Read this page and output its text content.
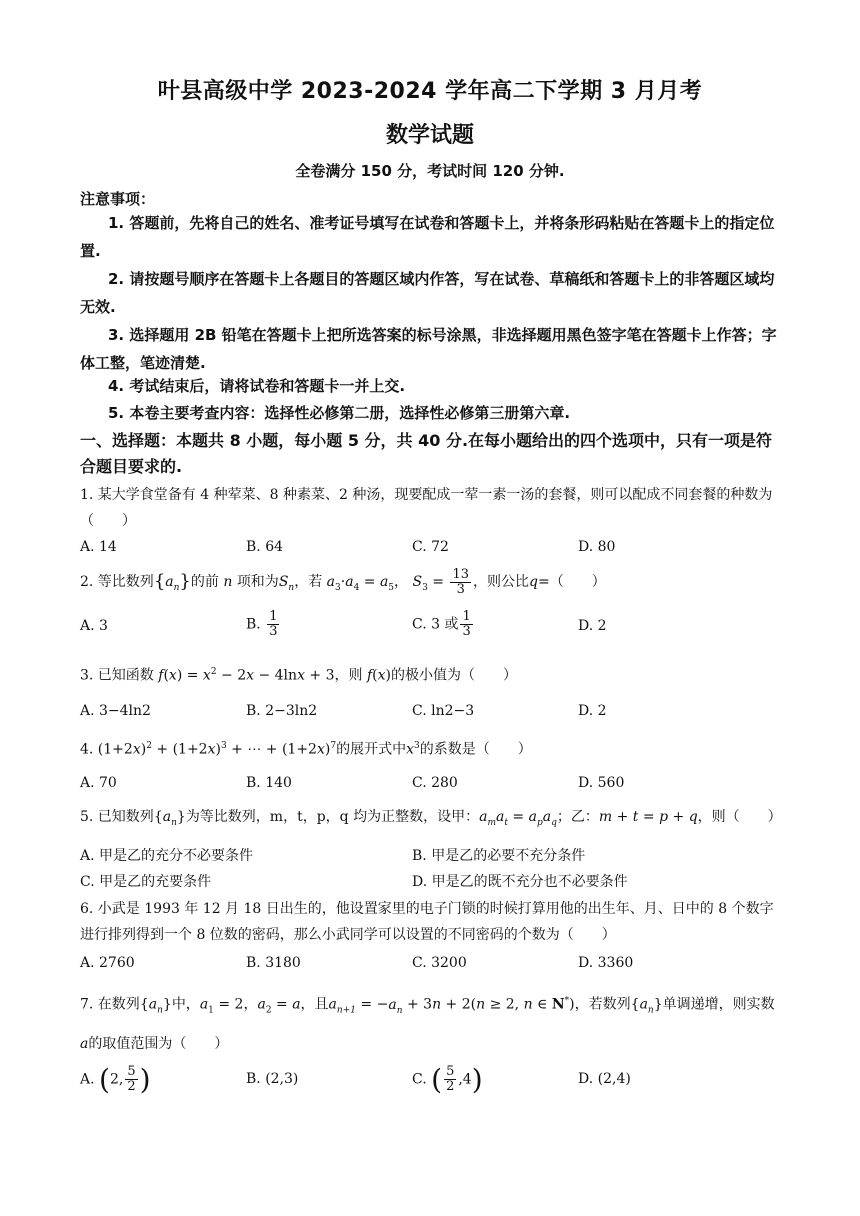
叶县高级中学 2023-2024 学年高二下学期 3 月月考
数学试题
全卷满分 150 分，考试时间 120 分钟.
注意事项：
1. 答题前，先将自己的姓名、准考证号填写在试卷和答题卡上，并将条形码粘贴在答题卡上的指定位置.
2. 请按题号顺序在答题卡上各题目的答题区域内作答，写在试卷、草稿纸和答题卡上的非答题区域均无效.
3. 选择题用 2B 铅笔在答题卡上把所选答案的标号涂黑，非选择题用黑色签字笔在答题卡上作答；字体工整，笔迹清楚.
4. 考试结束后，请将试卷和答题卡一并上交.
5. 本卷主要考查内容：选择性必修第二册，选择性必修第三册第六章.
一、选择题：本题共 8 小题，每小题 5 分，共 40 分.在每小题给出的四个选项中，只有一项是符合题目要求的.
1. 某大学食堂备有 4 种荤菜、8 种素菜、2 种汤，现要配成一荤一素一汤的套餐，则可以配成不同套餐的种数为（　　）
A. 14	B. 64	C. 72	D. 80
2. 等比数列$\{a_n\}$的前 n 项和为$S_n$，若 $a_3\cdot a_4 = a_5$， $S_3 = \frac{13}{3}$ ，则公比q=（　　）
A. 3	B. $\frac{1}{3}$	C. 3 或 $\frac{1}{3}$	D. 2
3. 已知函数 $f(x) = x^2 - 2x - 4\ln x + 3$，则 f(x)的极小值为（　　）
A. 3−4ln2	B. 2−3ln2	C. ln2−3	D. 2
4. $(1+2x)^2 + (1+2x)^3$ + ⋯ + $(1+2x)^7$的展开式中$x^3$的系数是（　　）
A. 70	B. 140	C. 280	D. 560
5. 已知数列$\{a_n\}$为等比数列，m，t，p，q 均为正整数，设甲：$a_ma_t = a_pa_q$；乙：m + t = p + q，则（　　）
A. 甲是乙的充分不必要条件	B. 甲是乙的必要不充分条件
C. 甲是乙的充要条件	D. 甲是乙的既不充分也不必要条件
6. 小武是 1993 年 12 月 18 日出生的，他设置家里的电子门锁的时候打算用他的出生年、月、日中的 8 个数字进行排列得到一个 8 位数的密码，那么小武同学可以设置的不同密码的个数为（　　）
A. 2760	B. 3180	C. 3200	D. 3360
7. 在数列$\{a_n\}$中，$a_1 = 2$，$a_2 = a$，且$a_{n+1} = -a_n + 3n + 2(n \ge 2$, n ∈ N*)，若数列$\{a_n\}$单调递增，则实数 a的取值范围为（　　）
A. (2, $\frac{5}{2}$ )	B. (2,3)	C. ( $\frac{5}{2} ,4$)	D. (2,4)
